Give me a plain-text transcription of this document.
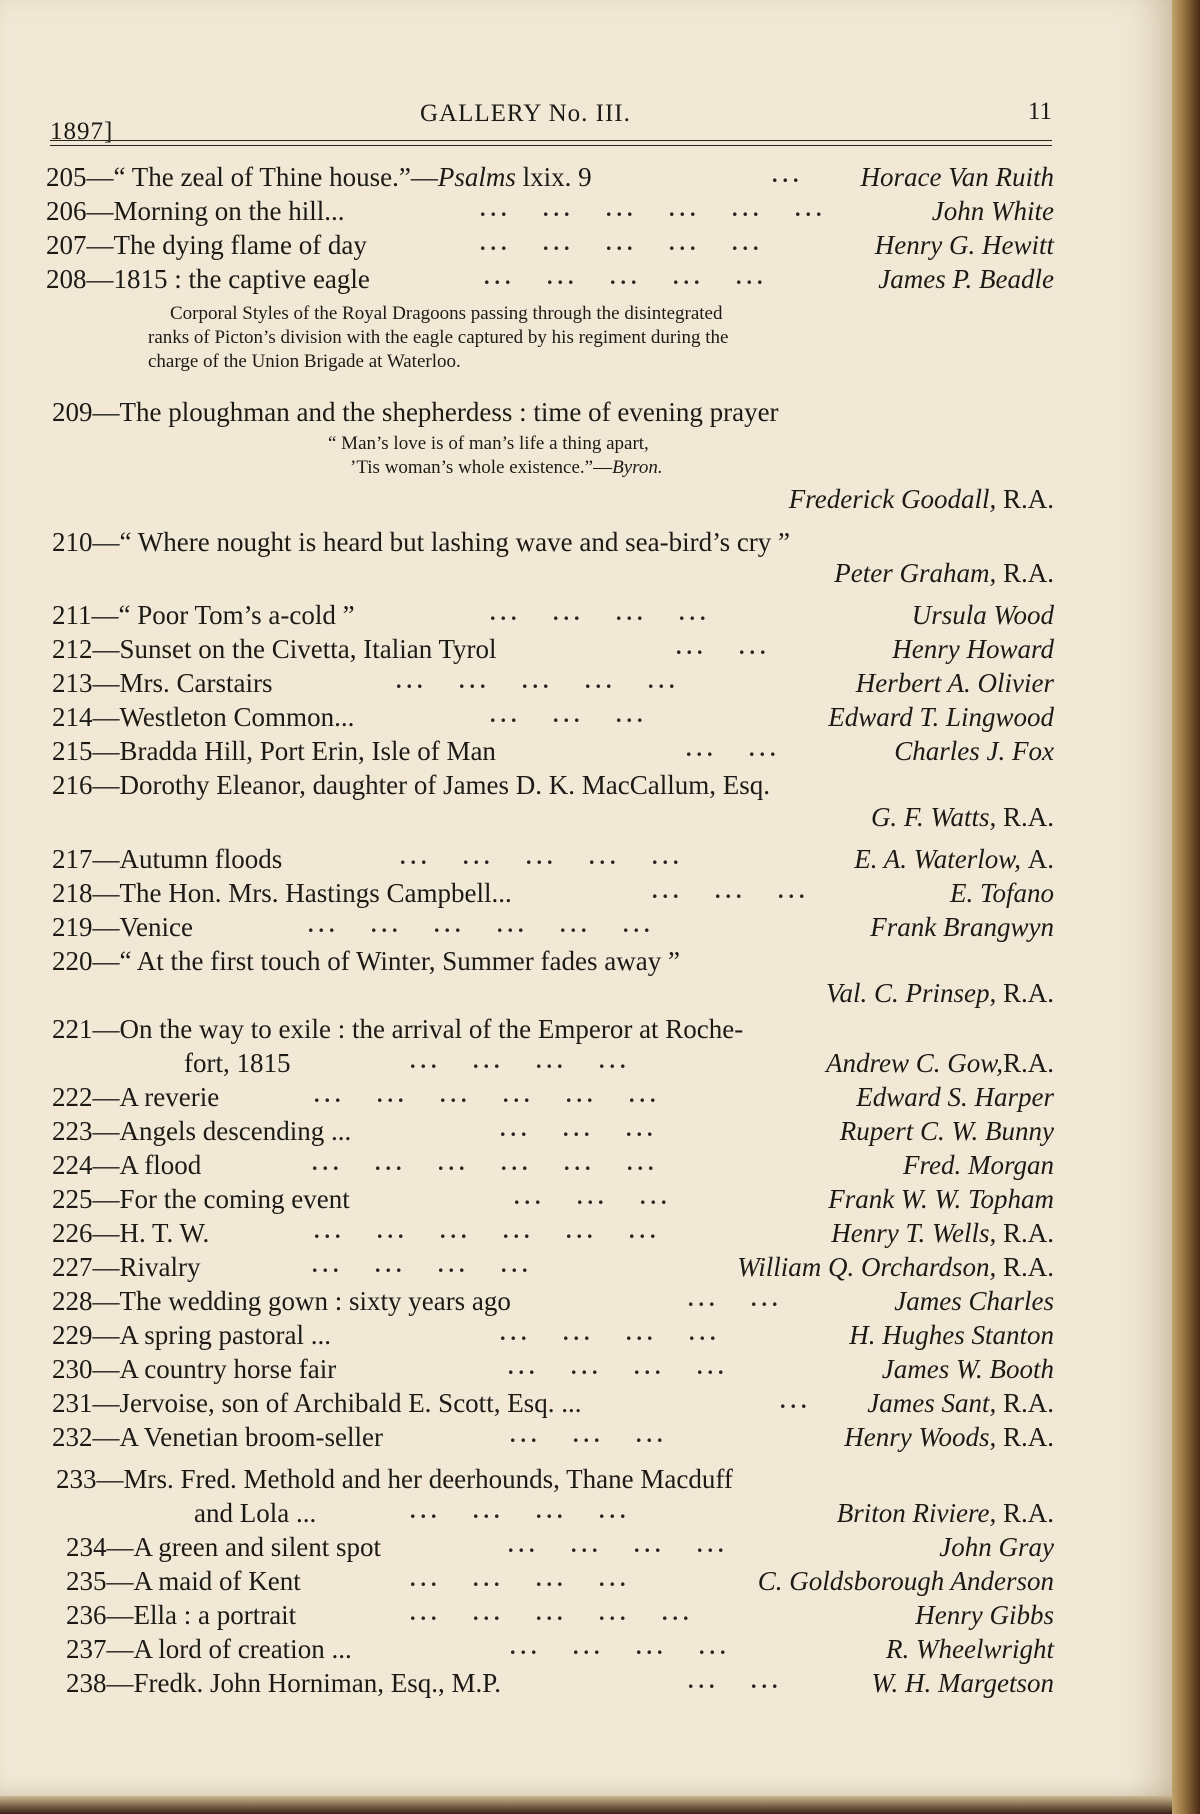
1897]
GALLERY No. III.	11
205—“ The zeal of Thine house.”—Psalms lxix. 9	... Horace Van Ruith
206—Morning on the hill...	...   ...   ...   ...   ...   ...	John White
207—The dying flame of day	...   ...   ...   ...   ...	Henry G. Hewitt
208—1815 : the captive eagle	...   ...   ...   ...   ...	James P. Beadle
Corporal Styles of the Royal Dragoons passing through the disintegrated
ranks of Picton’s division with the eagle captured by his regiment during the
charge of the Union Brigade at Waterloo.
209—The ploughman and the shepherdess : time of evening prayer
“ Man’s love is of man’s life a thing apart,
’Tis woman’s whole existence.”—Byron.
Frederick Goodall, R.A.
210—“ Where nought is heard but lashing wave and sea-bird’s cry ”
Peter Graham, R.A.
211—“ Poor Tom’s a-cold ”	...   ...   ...   ...	Ursula Wood
212—Sunset on the Civetta, Italian Tyrol	...   ...	Henry Howard
213—Mrs. Carstairs	...   ...   ...   ...   ...	Herbert A. Olivier
214—Westleton Common...	...   ...   ...	Edward T. Lingwood
215—Bradda Hill, Port Erin, Isle of Man	...   ...	Charles J. Fox
216—Dorothy Eleanor, daughter of James D. K. MacCallum, Esq.
G. F. Watts, R.A.
217—Autumn floods	...   ...   ...   ...   ...	E. A. Waterlow, A.
218—The Hon. Mrs. Hastings Campbell...	...   ...   ...	E. Tofano
219—Venice	...   ...   ...   ...   ...   ...	Frank Brangwyn
220—“ At the first touch of Winter, Summer fades away ”
Val. C. Prinsep, R.A.
221—On the way to exile : the arrival of the Emperor at Roche-
fort, 1815	...   ...   ...   ...	Andrew C. Gow,R.A.
222—A reverie	...   ...   ...   ...   ...   ...	Edward S. Harper
223—Angels descending ...	...   ...   ...	Rupert C. W. Bunny
224—A flood	...   ...   ...   ...   ...   ...	Fred. Morgan
225—For the coming event	...   ...   ...	Frank W. W. Topham
226—H. T. W.	...   ...   ...   ...   ...   ...	Henry T. Wells, R.A.
227—Rivalry	...   ...   ...   ...	William Q. Orchardson, R.A.
228—The wedding gown : sixty years ago	...   ...	James Charles
229—A spring pastoral ...	...   ...   ...   ...	H. Hughes Stanton
230—A country horse fair	...   ...   ...   ...	James W. Booth
231—Jervoise, son of Archibald E. Scott, Esq. ...	... James Sant, R.A.
232—A Venetian broom-seller	...   ...   ...	Henry Woods, R.A.
233—Mrs. Fred. Methold and her deerhounds, Thane Macduff
and Lola ...	...   ...   ...   ...	Briton Riviere, R.A.
234—A green and silent spot	...   ...   ...   ...	John Gray
235—A maid of Kent	...   ...   ...   ...	C. Goldsborough Anderson
236—Ella : a portrait	...   ...   ...   ...   ...	Henry Gibbs
237—A lord of creation ...	...   ...   ...   ...	R. Wheelwright
238—Fredk. John Horniman, Esq., M.P.	...   ...	W. H. Margetson
